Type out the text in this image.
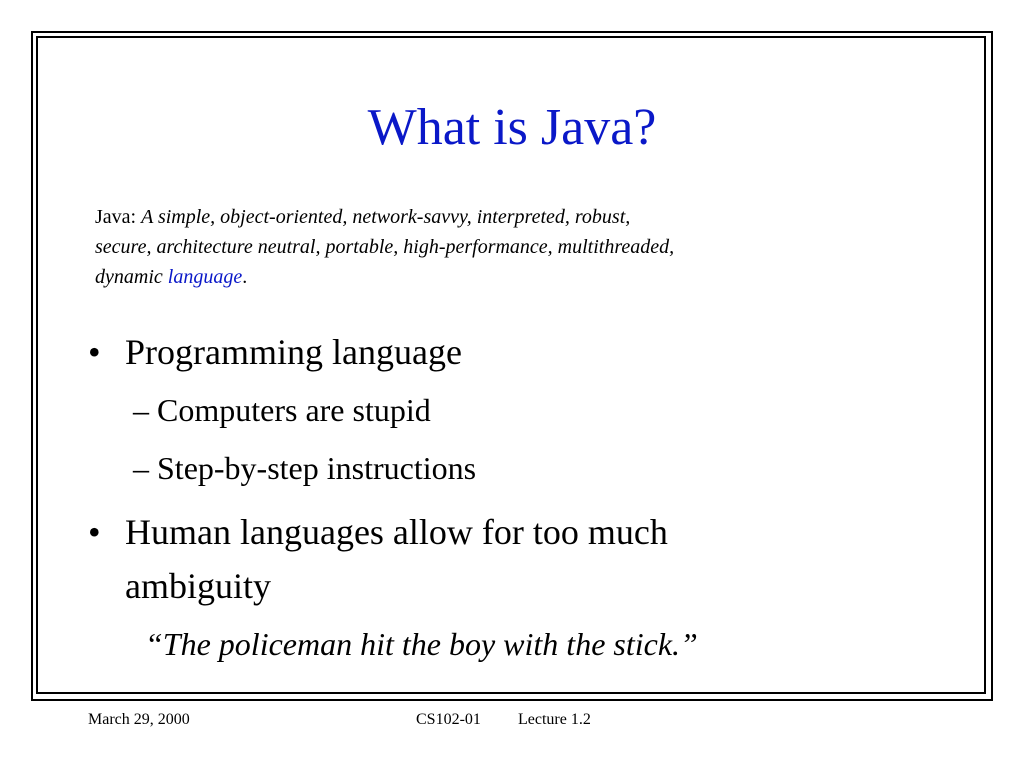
What is Java?
Java: A simple, object-oriented, network-savvy, interpreted, robust,
secure, architecture neutral, portable, high-performance, multithreaded,
dynamic language.
• Programming language
– Computers are stupid
– Step-by-step instructions
• Human languages allow for too much
ambiguity
“The policeman hit the boy with the stick.”
March 29, 2000	CS102-01 Lecture 1.2
